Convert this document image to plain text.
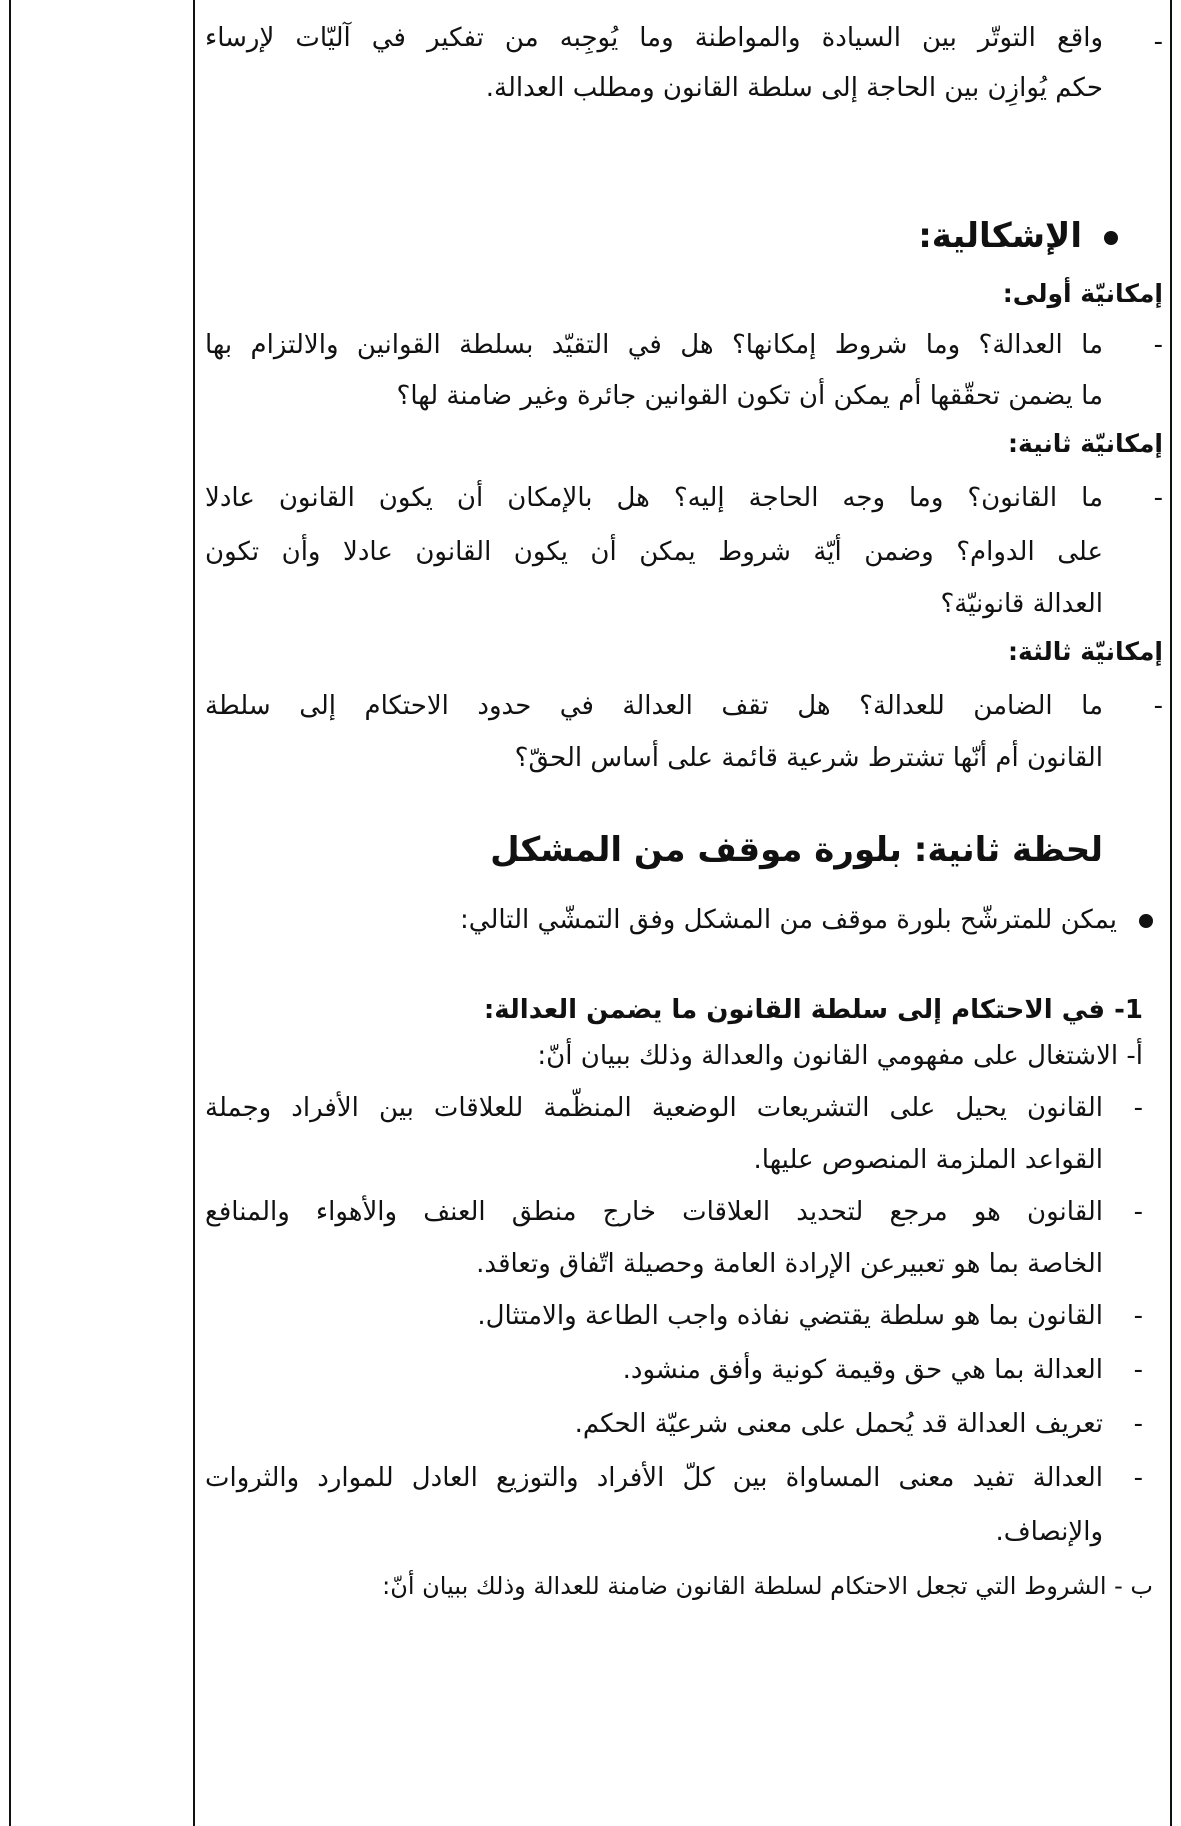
-
واقع التوتّر بين السيادة والمواطنة وما يُوجِبه من تفكير في آليّات لإرساء
حكم يُوازِن بين الحاجة إلى سلطة القانون ومطلب العدالة.
الإشكالية:
إمكانيّة أولى:
-
ما العدالة؟ وما شروط إمكانها؟ هل في التقيّد بسلطة القوانين والالتزام بها
ما يضمن تحقّقها أم يمكن أن تكون القوانين جائرة وغير ضامنة لها؟
إمكانيّة ثانية:
-
ما القانون؟ وما وجه الحاجة إليه؟ هل بالإمكان أن يكون القانون عادلا
على الدوام؟ وضمن أيّة شروط يمكن أن يكون القانون عادلا وأن تكون
العدالة قانونيّة؟
إمكانيّة ثالثة:
-
ما الضامن للعدالة؟ هل تقف العدالة في حدود الاحتكام إلى سلطة
القانون أم أنّها تشترط شرعية قائمة على أساس الحقّ؟
لحظة ثانية: بلورة موقف من المشكل
يمكن للمترشّح بلورة موقف من المشكل وفق التمشّي التالي:
1- في الاحتكام إلى سلطة القانون ما يضمن العدالة:
أ- الاشتغال على مفهومي القانون والعدالة وذلك ببيان أنّ:
-
القانون يحيل على التشريعات الوضعية المنظّمة للعلاقات بين الأفراد وجملة
القواعد الملزمة المنصوص عليها.
-
القانون هو مرجع لتحديد العلاقات خارج منطق العنف والأهواء والمنافع
الخاصة بما هو تعبيرعن الإرادة العامة وحصيلة اتّفاق وتعاقد.
-
القانون بما هو سلطة يقتضي نفاذه واجب الطاعة والامتثال.
-
العدالة بما هي حق وقيمة كونية وأفق منشود.
-
تعريف العدالة قد يُحمل على معنى شرعيّة الحكم.
-
العدالة تفيد معنى المساواة بين كلّ الأفراد والتوزيع العادل للموارد والثروات
والإنصاف.
ب - الشروط التي تجعل الاحتكام لسلطة القانون ضامنة للعدالة وذلك ببيان أنّ:
